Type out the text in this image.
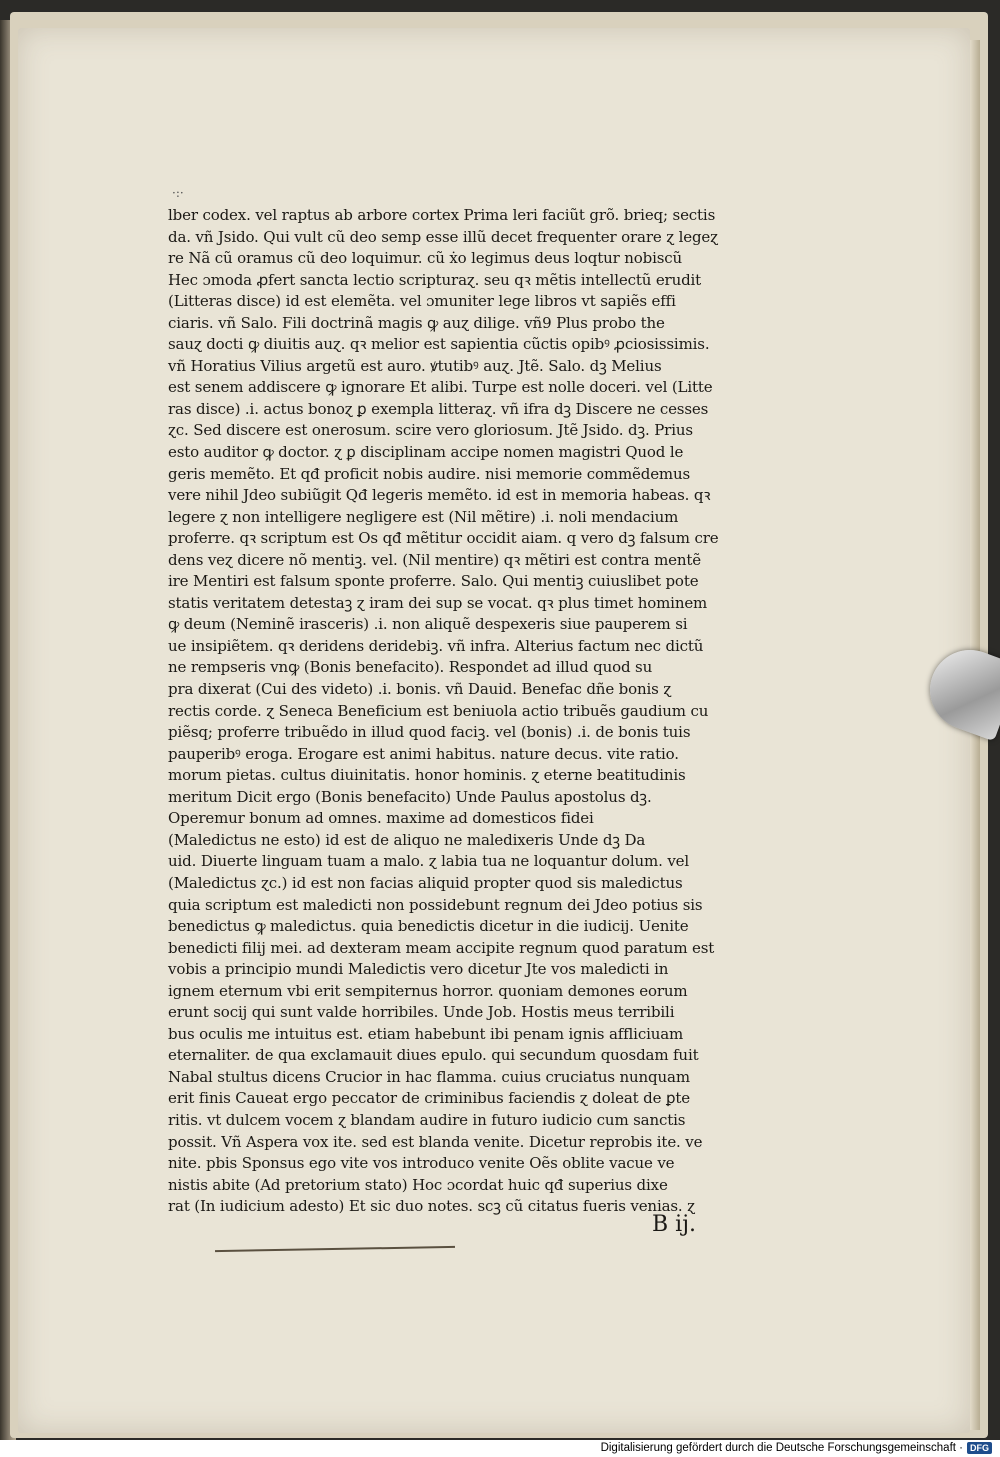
·:·
lber codex. vel raptus ab arbore cortex Prima leri faciũt grõ. brieq; sectis
da. vñ Jsido. Qui vult cũ deo semp esse illũ decet frequenter orare ɀ legeɀ
re Nã cũ oramus cũ deo loquimur. cũ ẋo legimus deus loqtur nobiscũ
Hec ɔmoda ꝓfert sancta lectio scripturaɀ. seu qꝛ mẽtis intellectũ erudit
(Litteras disce) id est elemẽta. vel ɔmuniter lege libros vt sapiẽs effi
ciaris. vñ Salo. Fili doctrinã magis ꝙ auɀ dilige. vñ9 Plus probo the
sauɀ docti ꝙ diuitis auɀ. qꝛ melior est sapientia cũctis opibꝰ ꝓciosissimis.
vñ Horatius Vilius argetũ est auro. ꝟtutibꝰ auɀ. Jtẽ. Salo. dꝫ Melius
est senem addiscere ꝙ ignorare Et alibi. Turpe est nolle doceri. vel (Litte
ras disce) .i. actus bonoɀ ꝑ exempla litteraɀ. vñ ifra dꝫ Discere ne cesses
ɀc. Sed discere est onerosum. scire vero gloriosum. Jtẽ Jsido. dꝫ. Prius
esto auditor ꝙ doctor. ɀ ꝑ disciplinam accipe nomen magistri Quod le
geris memẽto. Et qđ proficit nobis audire. nisi memorie commẽdemus
vere nihil Jdeo subiũgit Qđ legeris memẽto. id est in memoria habeas. qꝛ
legere ɀ non intelligere negligere est (Nil mẽtire) .i. noli mendacium
proferre. qꝛ scriptum est Os qđ mẽtitur occidit aiam. q vero dꝫ falsum cre
dens veɀ dicere nõ mentiꝫ. vel. (Nil mentire) qꝛ mẽtiri est contra mentẽ
ire Mentiri est falsum sponte proferre. Salo. Qui mentiꝫ cuiuslibet pote
statis veritatem detestaꝫ ɀ iram dei sup se vocat. qꝛ plus timet hominem
ꝙ deum (Neminẽ irasceris) .i. non aliquẽ despexeris siue pauperem si
ue insipiẽtem. qꝛ deridens deridebiꝫ. vñ infra. Alterius factum nec dictũ
ne rempseris vnꝙ (Bonis benefacito). Respondet ad illud quod su
pra dixerat (Cui des videto) .i. bonis. vñ Dauid. Benefac dñe bonis ɀ
rectis corde. ɀ Seneca Beneficium est beniuola actio tribuẽs gaudium cu
piẽsq; proferre tribuẽdo in illud quod faciꝫ. vel (bonis) .i. de bonis tuis
pauperibꝰ eroga. Erogare est animi habitus. nature decus. vite ratio.
morum pietas. cultus diuinitatis. honor hominis. ɀ eterne beatitudinis
meritum Dicit ergo (Bonis benefacito) Unde Paulus apostolus dꝫ.
Operemur bonum ad omnes. maxime ad domesticos fidei
(Maledictus ne esto) id est de aliquo ne maledixeris Unde dꝫ Da
uid. Diuerte linguam tuam a malo. ɀ labia tua ne loquantur dolum. vel
(Maledictus ɀc.) id est non facias aliquid propter quod sis maledictus
quia scriptum est maledicti non possidebunt regnum dei Jdeo potius sis
benedictus ꝙ maledictus. quia benedictis dicetur in die iudicij. Uenite
benedicti filij mei. ad dexteram meam accipite regnum quod paratum est
vobis a principio mundi Maledictis vero dicetur Jte vos maledicti in
ignem eternum vbi erit sempiternus horror. quoniam demones eorum
erunt socij qui sunt valde horribiles. Unde Job. Hostis meus terribili
bus oculis me intuitus est. etiam habebunt ibi penam ignis affliciuam
eternaliter. de qua exclamauit diues epulo. qui secundum quosdam fuit
Nabal stultus dicens Crucior in hac flamma. cuius cruciatus nunquam
erit finis Caueat ergo peccator de criminibus faciendis ɀ doleat de ꝑte
ritis. vt dulcem vocem ɀ blandam audire in futuro iudicio cum sanctis
possit. Vñ Aspera vox ite. sed est blanda venite. Dicetur reprobis ite. ve
nite. pbis Sponsus ego vite vos introduco venite Oẽs oblite vacue ve
nistis abite (Ad pretorium stato) Hoc ɔcordat huic qđ superius dixe
rat (In iudicium adesto) Et sic duo notes. scꝫ cũ citatus fueris venias. ɀ
B ij.
Digitalisierung gefördert durch die Deutsche Forschungsgemeinschaft · DFG
